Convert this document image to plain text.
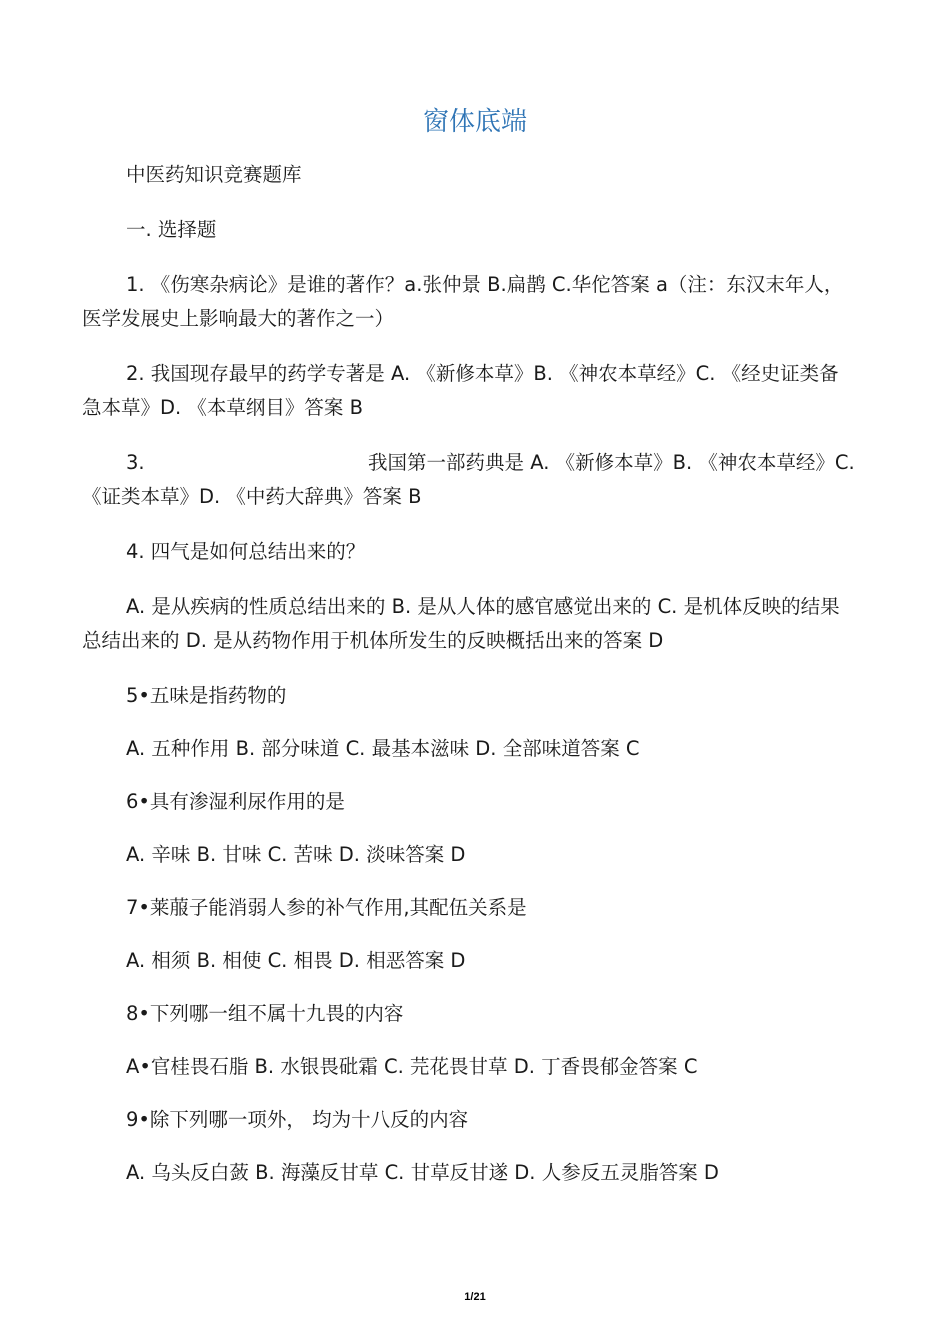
窗体底端

中医药知识竞赛题库

一. 选择题

1. 《伤寒杂病论》是谁的著作？a.张仲景 B.扁鹊 C.华佗答案 a（注：东汉末年人，医学发展史上影响最大的著作之一）

2. 我国现存最早的药学专著是 A. 《新修本草》B. 《神农本草经》C. 《经史证类备急本草》D. 《本草纲目》答案 B

3.	我国第一部药典是 A. 《新修本草》B. 《神农本草经》C. 《证类本草》D. 《中药大辞典》答案 B

4. 四气是如何总结出来的？

A. 是从疾病的性质总结出来的 B. 是从人体的感官感觉出来的 C. 是机体反映的结果总结出来的 D. 是从药物作用于机体所发生的反映概括出来的答案 D

5•五味是指药物的

A. 五种作用 B. 部分味道 C. 最基本滋味 D. 全部味道答案 C

6•具有渗湿利尿作用的是

A. 辛味 B. 甘味 C. 苦味 D. 淡味答案 D

7•莱菔子能消弱人参的补气作用,其配伍关系是

A. 相须 B. 相使 C. 相畏 D. 相恶答案 D

8•下列哪一组不属十九畏的内容

A•官桂畏石脂 B. 水银畏砒霜 C. 芫花畏甘草 D. 丁香畏郁金答案 C

9•除下列哪一项外， 均为十八反的内容

A. 乌头反白蔹 B. 海藻反甘草 C. 甘草反甘遂 D. 人参反五灵脂答案 D

1/21
